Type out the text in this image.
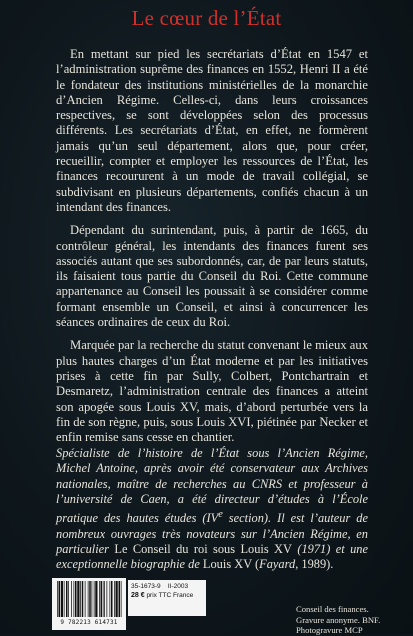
Le cœur de l’État

En mettant sur pied les secrétariats d’État en 1547 et l’administration suprême des finances en 1552, Henri II a été le fondateur des institutions ministérielles de la monarchie d’Ancien Régime. Celles-ci, dans leurs croissances respectives, se sont développées selon des processus différents. Les secrétariats d’État, en effet, ne formèrent jamais qu’un seul département, alors que, pour créer, recueillir, compter et employer les ressources de l’État, les finances recoururent à un mode de travail collégial, se subdivisant en plusieurs départements, confiés chacun à un intendant des finances.

Dépendant du surintendant, puis, à partir de 1665, du contrôleur général, les intendants des finances furent ses associés autant que ses subordonnés, car, de par leurs statuts, ils faisaient tous partie du Conseil du Roi. Cette commune appartenance au Conseil les poussait à se considérer comme formant ensemble un Conseil, et ainsi à concurrencer les séances ordinaires de ceux du Roi.

Marquée par la recherche du statut convenant le mieux aux plus hautes charges d’un État moderne et par les initiatives prises à cette fin par Sully, Colbert, Pontchartrain et Desmaretz, l’administration centrale des finances a atteint son apogée sous Louis XV, mais, d’abord perturbée vers la fin de son règne, puis, sous Louis XVI, piétinée par Necker et enfin remise sans cesse en chantier.

Spécialiste de l’histoire de l’État sous l’Ancien Régime, Michel Antoine, après avoir été conservateur aux Archives nationales, maître de recherches au CNRS et professeur à l’université de Caen, a été directeur d’études à l’École pratique des hautes études (IVe section). Il est l’auteur de nombreux ouvrages très novateurs sur l’Ancien Régime, en particulier Le Conseil du roi sous Louis XV (1971) et une exceptionnelle biographie de Louis XV (Fayard, 1989).
9 782213 614731
35-1673-9 II-2003
28 € prix TTC France
Conseil des finances.
Gravure anonyme. BNF.
Photogravure MCP
